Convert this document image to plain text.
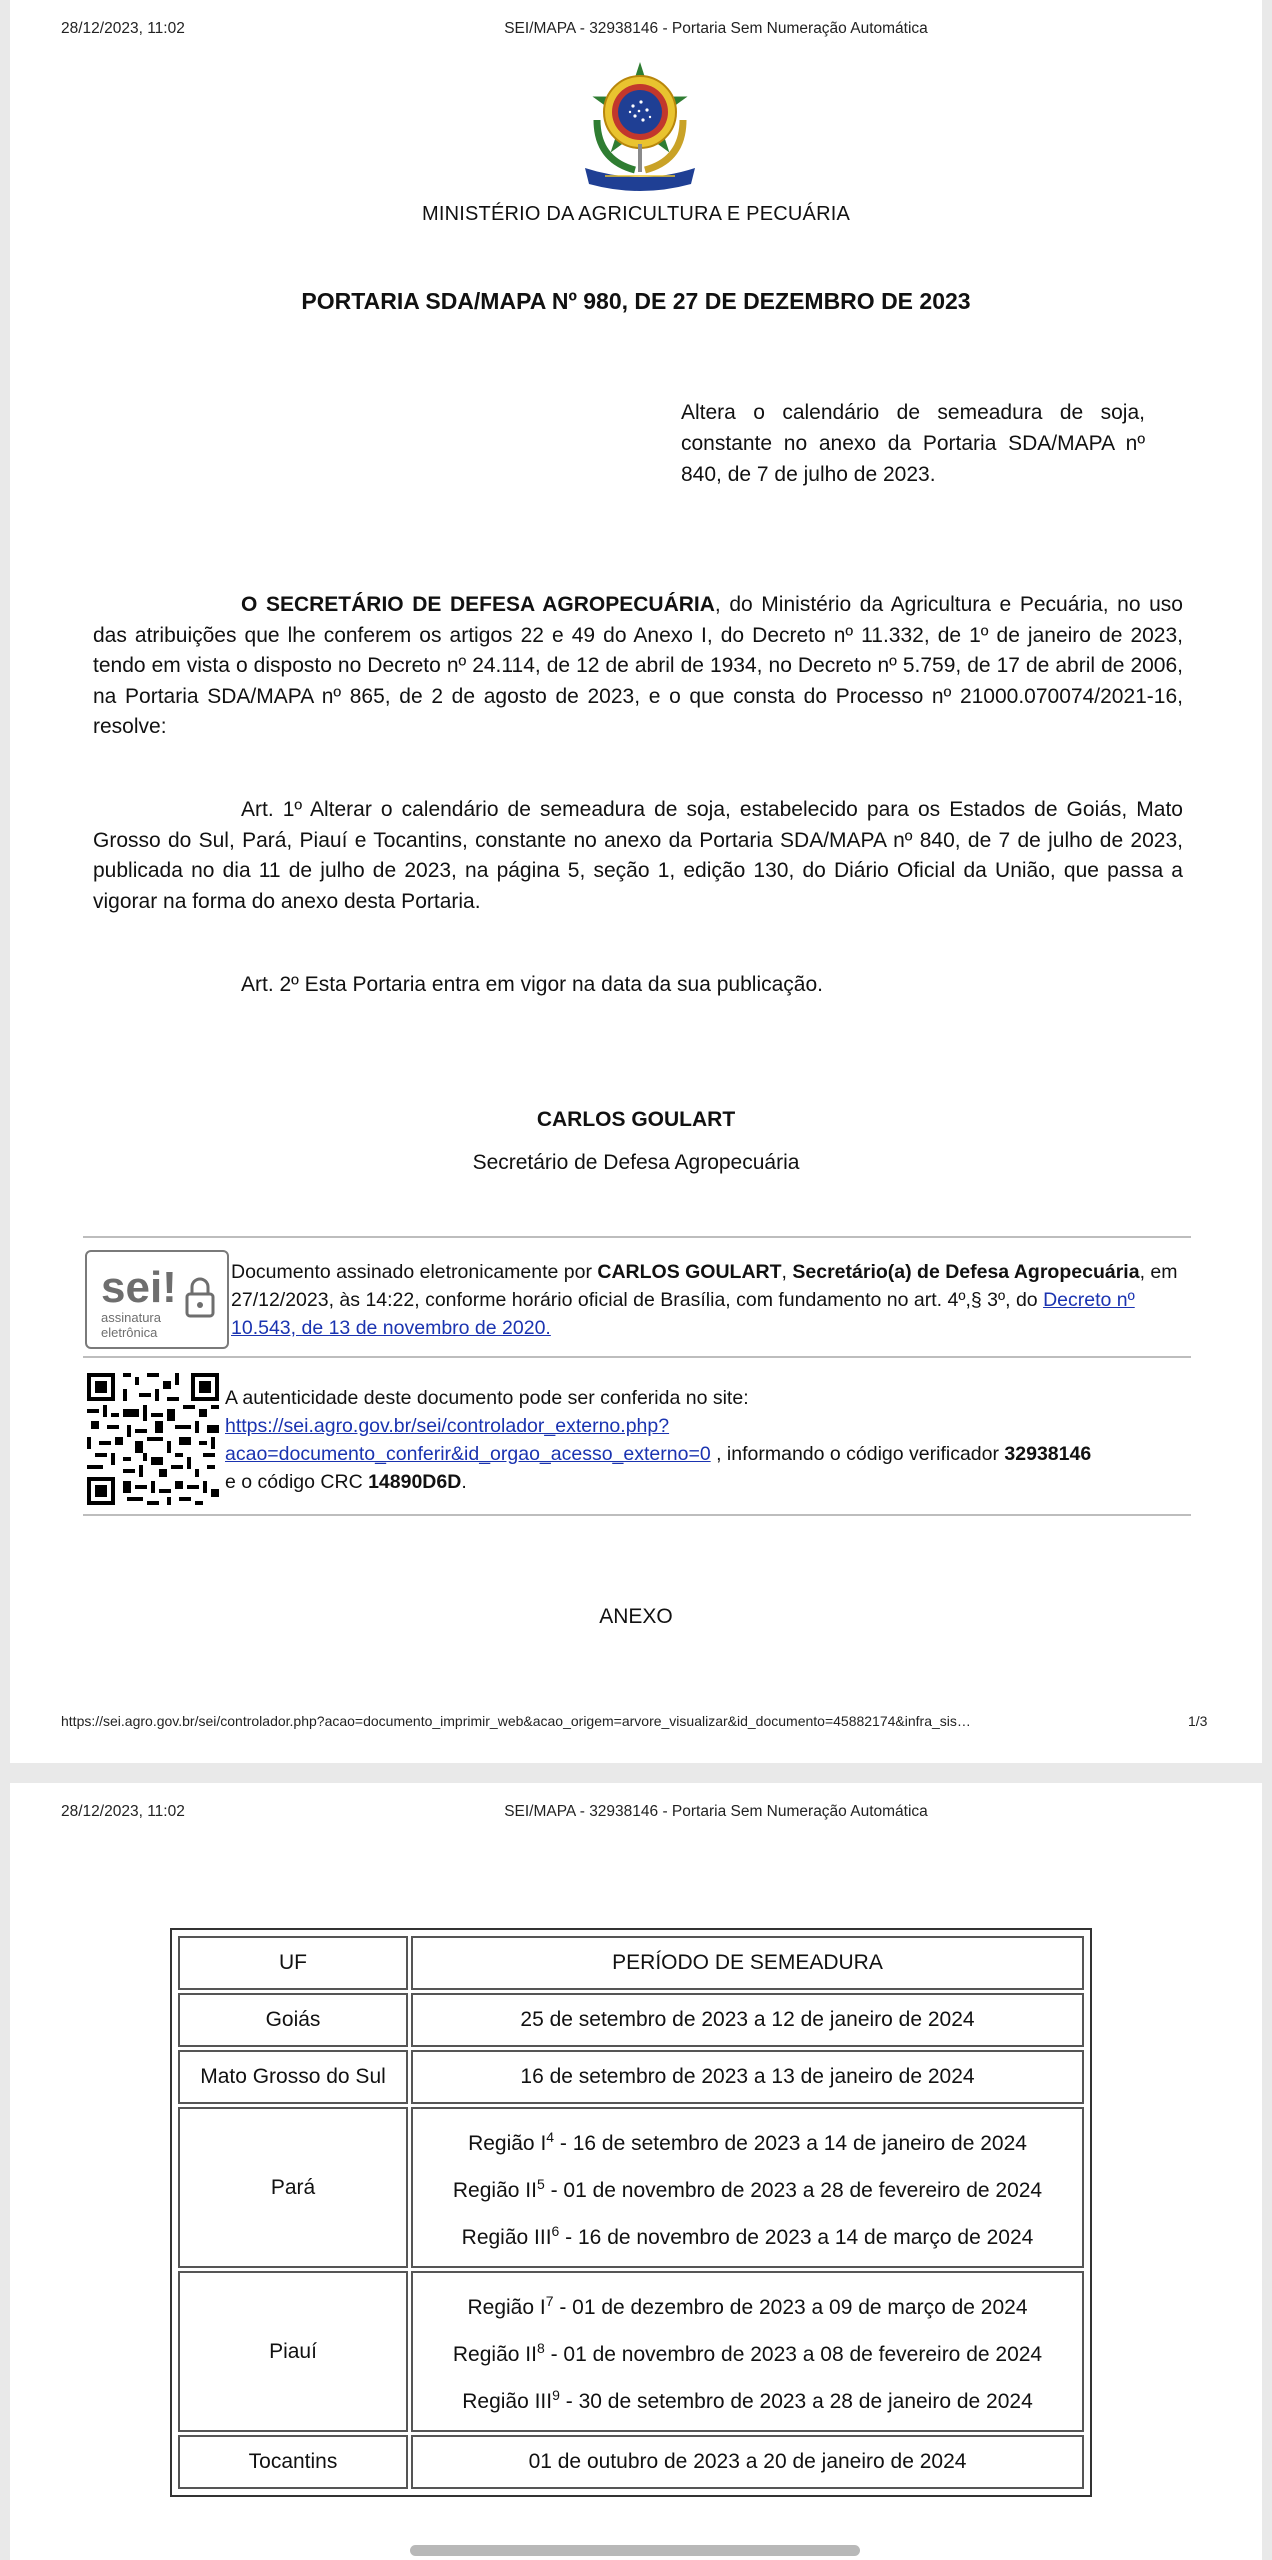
28/12/2023, 11:02	SEI/MAPA - 32938146 - Portaria Sem Numeração Automática
MINISTÉRIO DA AGRICULTURA E PECUÁRIA
PORTARIA SDA/MAPA Nº 980, DE 27 DE DEZEMBRO DE 2023
Altera o calendário de semeadura de soja, constante no anexo da Portaria SDA/MAPA nº 840, de 7 de julho de 2023.
O SECRETÁRIO DE DEFESA AGROPECUÁRIA, do Ministério da Agricultura e Pecuária, no uso das atribuições que lhe conferem os artigos 22 e 49 do Anexo I, do Decreto nº 11.332, de 1º de janeiro de 2023, tendo em vista o disposto no Decreto nº 24.114, de 12 de abril de 1934, no Decreto nº 5.759, de 17 de abril de 2006, na Portaria SDA/MAPA nº 865, de 2 de agosto de 2023, e o que consta do Processo nº 21000.070074/2021-16, resolve:
Art. 1º Alterar o calendário de semeadura de soja, estabelecido para os Estados de Goiás, Mato Grosso do Sul, Pará, Piauí e Tocantins, constante no anexo da Portaria SDA/MAPA nº 840, de 7 de julho de 2023, publicada no dia 11 de julho de 2023, na página 5, seção 1, edição 130, do Diário Oficial da União, que passa a vigorar na forma do anexo desta Portaria.
Art. 2º Esta Portaria entra em vigor na data da sua publicação.
CARLOS GOULART
Secretário de Defesa Agropecuária
sei!
assinatura
eletrônica
Documento assinado eletronicamente por CARLOS GOULART, Secretário(a) de Defesa Agropecuária, em 27/12/2023, às 14:22, conforme horário oficial de Brasília, com fundamento no art. 4º,§ 3º, do Decreto nº 10.543, de 13 de novembro de 2020.
A autenticidade deste documento pode ser conferida no site:
https://sei.agro.gov.br/sei/controlador_externo.php?
acao=documento_conferir&id_orgao_acesso_externo=0 , informando o código verificador 32938146
e o código CRC 14890D6D.
ANEXO
https://sei.agro.gov.br/sei/controlador.php?acao=documento_imprimir_web&acao_origem=arvore_visualizar&id_documento=45882174&infra_sis…	1/3
28/12/2023, 11:02	SEI/MAPA - 32938146 - Portaria Sem Numeração Automática
UF	PERÍODO DE SEMEADURA
Goiás	25 de setembro de 2023 a 12 de janeiro de 2024

Mato Grosso do Sul	16 de setembro de 2023 a 13 de janeiro de 2024

Pará	Região $I^4 - 16$ de setembro de 2023 a 14 de janeiro de 2024
Região $II^5 - 01$ de novembro de 2023 a 28 de fevereiro de 2024
Região III$^6$ - 16 de novembro de 2023 a 14 de março de 2024

Piauí	Região $I^7 - 01$ de dezembro de 2023 a 09 de março de 2024
Região $II^8 - 01$ de novembro de 2023 a 08 de fevereiro de 2024
Região III$^9$ - 30 de setembro de 2023 a 28 de janeiro de 2024

Tocantins	01 de outubro de 2023 a 20 de janeiro de 2024
